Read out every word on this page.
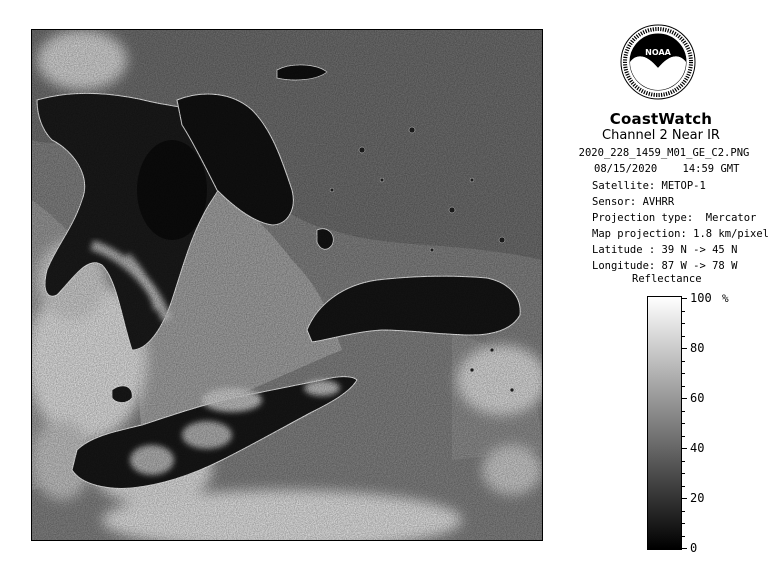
NOAA
CoastWatch
Channel 2 Near IR
2020_228_1459_M01_GE_C2.PNG
08/15/2020 14:59 GMT
Satellite: METOP-1
Sensor: AVHRR
Projection type:  Mercator
Map projection: 1.8 km/pixel
Latitude : 39 N -> 45 N
Longitude: 87 W -> 78 W
Reflectance
%
100
80
60
40
20
0
